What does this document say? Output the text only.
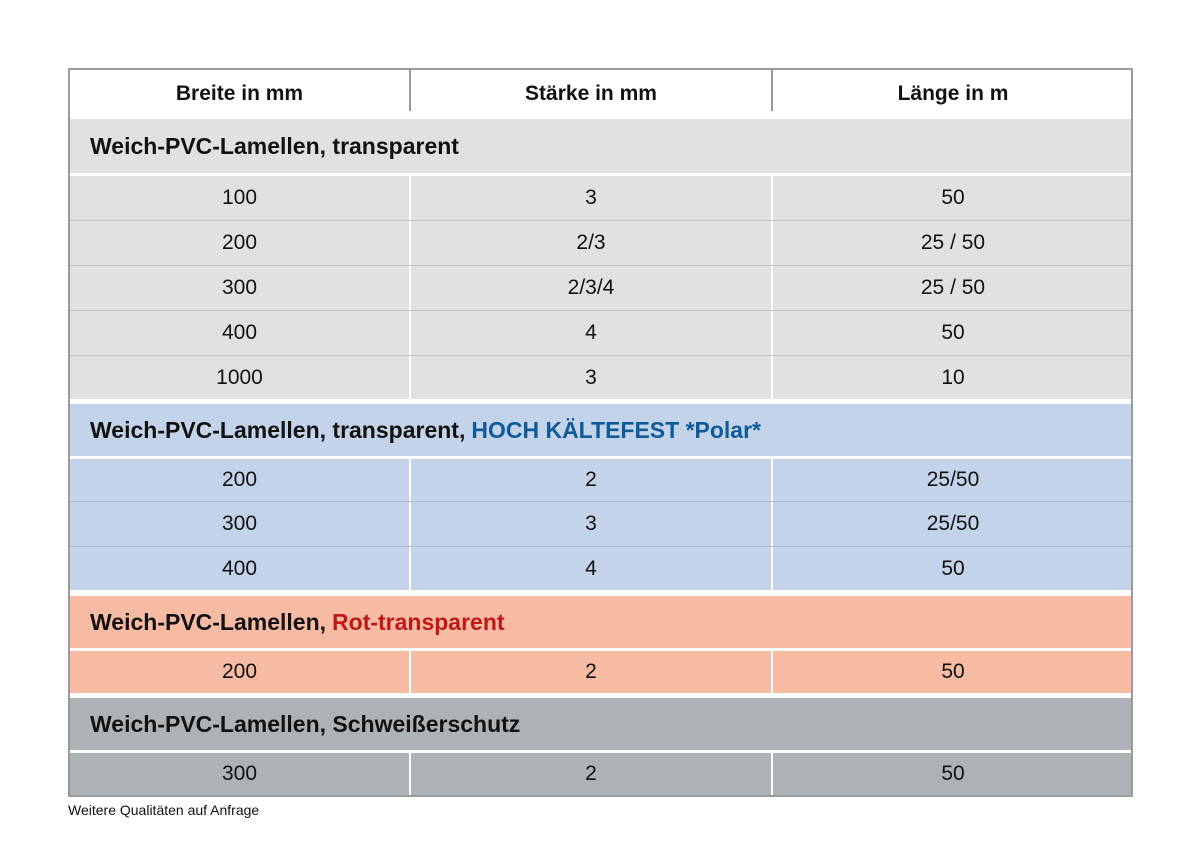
Breite in mm	Stärke in mm	Länge in m
Weich-PVC-Lamellen, transparent
100	3	50
200	2/3	25 / 50
300	2/3/4	25 / 50
400	4	50
1000	3	10
Weich-PVC-Lamellen, transparent, HOCH KÄLTEFEST *Polar*
200	2	25/50
300	3	25/50
400	4	50
Weich-PVC-Lamellen, Rot-transparent
200	2	50
Weich-PVC-Lamellen, Schweißerschutz
300	2	50
Weitere Qualitäten auf Anfrage
